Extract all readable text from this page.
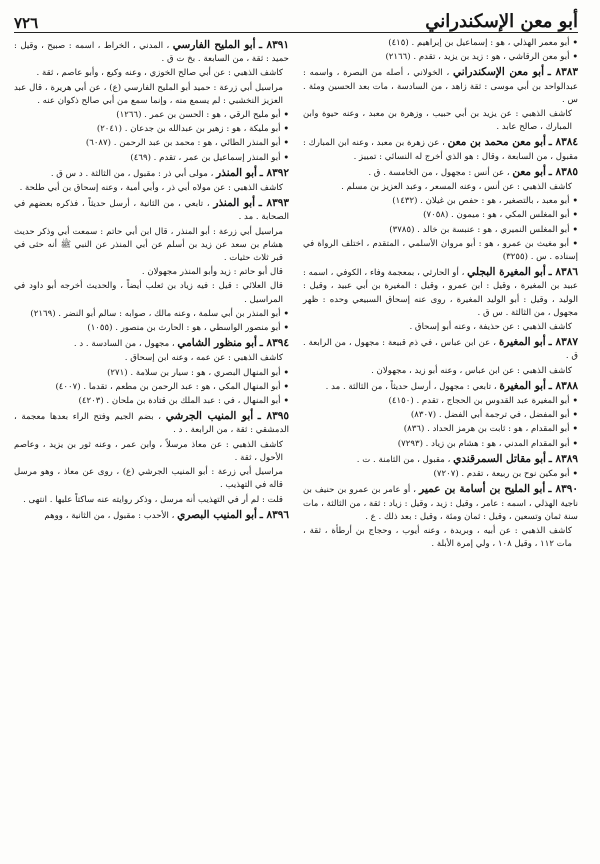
أبو معن الإسكندراني
٧٢٦

• أبو معمر الهذلي ، هو : إسماعيل بن إبراهيم . (٤١٥)

• أبو معن الرقاشي ، هو : زيد بن يزيد ، تقدم . (٢١٦٦)

٨٣٨٣ ـ أبو معن الإسكندراني ، الخولاني ، أصله من البصرة ، واسمه : عبدالواحد بن أبي موسى : ثقة زاهد ، من السادسة ، مات بعد الحسين ومئة . س .

كاشف الذهبي : عن يزيد بن أبي حبيب ، وزهرة بن معبد ، وعنه حيوة وابن المبارك ، صالح عابد .

٨٣٨٤ ـ أبو معن محمد بن معن ، عن زهرة بن معبد ، وعنه ابن المبارك : مقبول ، من السابعة ، وقال : هو الذي أخرج له النسائي : تمييز .

٨٣٨٥ ـ أبو معن ، عن أنس : مجهول ، من الخامسة . ق .

كاشف الذهبي : عن أنس ، وعنه المسعر ، وعبد العزيز بن مسلم .

• أبو معبد ، بالتصغير ، هو : حفص بن غيلان . (١٤٣٢)

• أبو المغلس المكي ، هو : ميمون . (٧٠٥٨)

• أبو المغلس النميري ، هو : عنبسة بن خالد . (٣٧٨٥)

• أبو مغيث بن عمرو ، هو : أبو مروان الأسلمي ، المتقدم ، اختلف الرواة في إسناده . س . (٣٢٥٥)

٨٣٨٦ ـ أبو المغيرة البجلي ، أو الحارثي ، بمعجمة وفاء ، الكوفي ، اسمه : عبيد بن المغيرة ، وقيل : ابن عمرو ، وقيل : المغيرة بن أبي عبيد ، وقيل : الوليد ، وقيل : أبو الوليد المغيرة ، روى عنه إسحاق السبيعي وحده : ظهر مجهول ، من الثالثة . س ق .

كاشف الذهبي : عن حذيفة ، وعنه أبو إسحاق .

٨٣٨٧ ـ أبو المغيرة ، عن ابن عباس ، في ذم قبيعة : مجهول ، من الرابعة . ق .

كاشف الذهبي : عن ابن عباس ، وعنه أبو زيد ، مجهولان .

٨٣٨٨ ـ أبو المغيرة ، تابعي : مجهول ، أرسل حديثاً ، من الثالثة . مد .

• أبو المغيرة عبد القدوس بن الحجاج ، تقدم . (٤١٥٠)

• أبو المفضل ، في ترجمة أبي الفضل . (٨٣٠٧)

• أبو المقدام ، هو : ثابت بن هرمز الحداد . (٨٣٦)

• أبو المقدام المدني ، هو : هشام بن زياد . (٧٢٩٣)

٨٣٨٩ ـ أبو مقاتل السمرقندي ، مقبول ، من الثامنة . ت .

• أبو مكين نوح بن ربيعة ، تقدم . (٧٢٠٧)

٨٣٩٠ ـ أبو المليح بن أسامة بن عمير ، أو عامر بن عمرو بن حنيف بن ناجية الهذلي ، اسمه : عامر ، وقيل : زيد ، وقيل : زياد : ثقة ، من الثالثة ، مات سنة ثمان وتسعين ، وقيل : ثمان ومئة ، وقيل : بعد ذلك . ع .

كاشف الذهبي : عن أبيه ، وبريدة ، وعنه أيوب ، وحجاج بن أرطأة ، ثقة ، مات ١١٢ ، وقيل ١٠٨ ، ولي إمرة الأبلة .

٨٣٩١ ـ أبو المليح الفارسي ، المدني ، الخراط ، اسمه : صبيح ، وقيل : حميد : ثقة ، من السابعة . بخ ت ق .

كاشف الذهبي : عن أبي صالح الخوزي ، وعنه وكيع ، وأبو عاصم ، ثقة .

مراسيل أبي زرعة : حميد أبو المليح الفارسي (ع) ، عن أبي هريرة ، قال عبد العزيز النخشبي : لم يسمع منه ، وإنما سمع من أبي صالح ذكوان عنه .

• أبو مليح الرقي ، هو : الحسن بن عمر . (١٢٦٦)

• أبو مليكة ، هو : زهير بن عبدالله بن جدعان . (٢٠٤١)

• أبو المنذر الطائي ، هو : محمد بن عبد الرحمن . (٦٠٨٧)

• أبو المنذر إسماعيل بن عمر ، تقدم . (٤٦٩)

٨٣٩٢ ـ أبو المنذر ، مولى أبي ذر : مقبول ، من الثالثة . د س ق .

كاشف الذهبي : عن مولاه أبي ذر ، وأبي أمية ، وعنه إسحاق بن أبي طلحة .

٨٣٩٣ ـ أبو المنذر ، تابعي ، من الثانية ، أرسل حديثاً ، فذكره بعضهم في الصحابة . مد .

مراسيل أبي زرعة : أبو المنذر ، قال ابن أبي حاتم : سمعت أبي وذكر حديث هشام بن سعد عن زيد بن أسلم عن أبي المنذر عن النبي ﷺ أنه حثى في قبر ثلاث حثيات .

قال أبو حاتم : زيد وأبو المنذر مجهولان .

قال العلائي : قيل : فيه زياد بن ثعلب أيضاً ، والحديث أخرجه أبو داود في المراسيل .

• أبو المنذر بن أبي سلمة ، وعنه مالك ، صوابه : سالم أبو النضر . (٢١٦٩)

• أبو منصور الواسطي ، هو : الحارث بن منصور . (١٠٥٥)

٨٣٩٤ ـ أبو منظور الشامي ، مجهول ، من السادسة . د .

كاشف الذهبي : عن عمه ، وعنه ابن إسحاق .

• أبو المنهال البصري ، هو : سيار بن سلامة . (٢٧١)

• أبو المنهال المكي ، هو : عبد الرحمن بن مطعم ، تقدما . (٤٠٠٧)

• أبو المنهال ، في : عبد الملك بن قتادة بن ملحان . (٤٢٠٣)

٨٣٩٥ ـ أبو المنيب الجرشي ، بضم الجيم وفتح الراء بعدها معجمة ، الدمشقي : ثقة ، من الرابعة . د .

كاشف الذهبي : عن معاذ مرسلاً ، وابن عمر ، وعنه ثور بن يزيد ، وعاصم الأحول ، ثقة .

مراسيل أبي زرعة : أبو المنيب الجرشي (ع) ، روى عن معاذ ، وهو مرسل قاله في التهذيب .

قلت : لم أر في التهذيب أنه مرسل ، وذكر روايته عنه ساكتاً عليها . انتهى .

٨٣٩٦ ـ أبو المنيب البصري ، الأحدب : مقبول ، من الثانية ، ووهم
